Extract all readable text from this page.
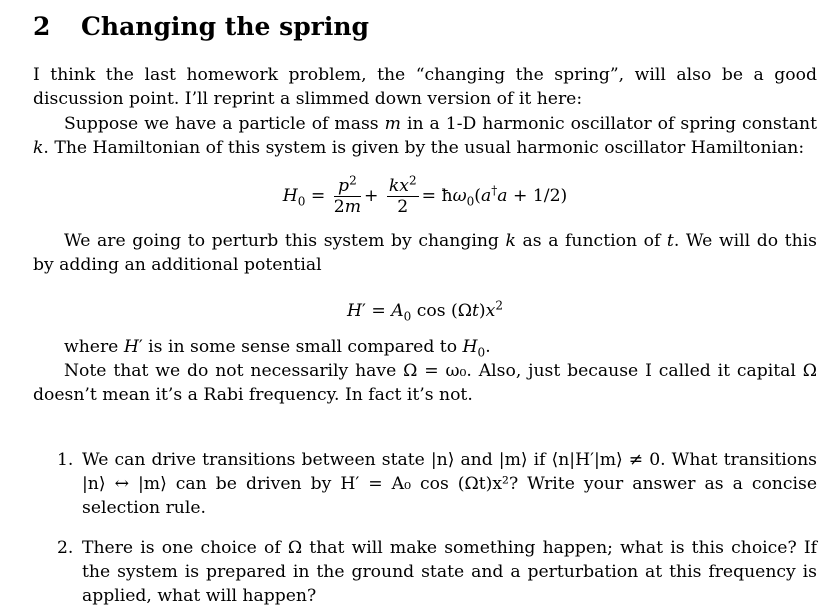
2 Changing the spring

I think the last homework problem, the “changing the spring”, will also be a good discussion point. I’ll reprint a slimmed down version of it here:

Suppose we have a particle of mass m in a 1-D harmonic oscillator of spring constant k. The Hamiltonian of this system is given by the usual harmonic oscillator Hamiltonian:

$H_0 = \frac{p^2}{2m} + \frac{kx^2}{2}$ = $ħ\omega_0(a^\dagger a + 1/2)$

We are going to perturb this system by changing k as a function of t. We will do this by adding an additional potential

$H' = A_0$ $\cos (\Omega t)x^2$

where H′ is in some sense small compared to $H_0$.

Note that we do not necessarily have Ω = ω₀. Also, just because I called it capital Ω doesn’t mean it’s a Rabi frequency. In fact it’s not.

1. We can drive transitions between state |n⟩ and |m⟩ if ⟨n|H′|m⟩ ≠ 0. What transitions |n⟩ ↔ |m⟩ can be driven by H′ = A₀ cos (Ωt)x²? Write your answer as a concise selection rule.
2. There is one choice of Ω that will make something happen; what is this choice? If the system is prepared in the ground state and a perturbation at this frequency is applied, what will happen?
